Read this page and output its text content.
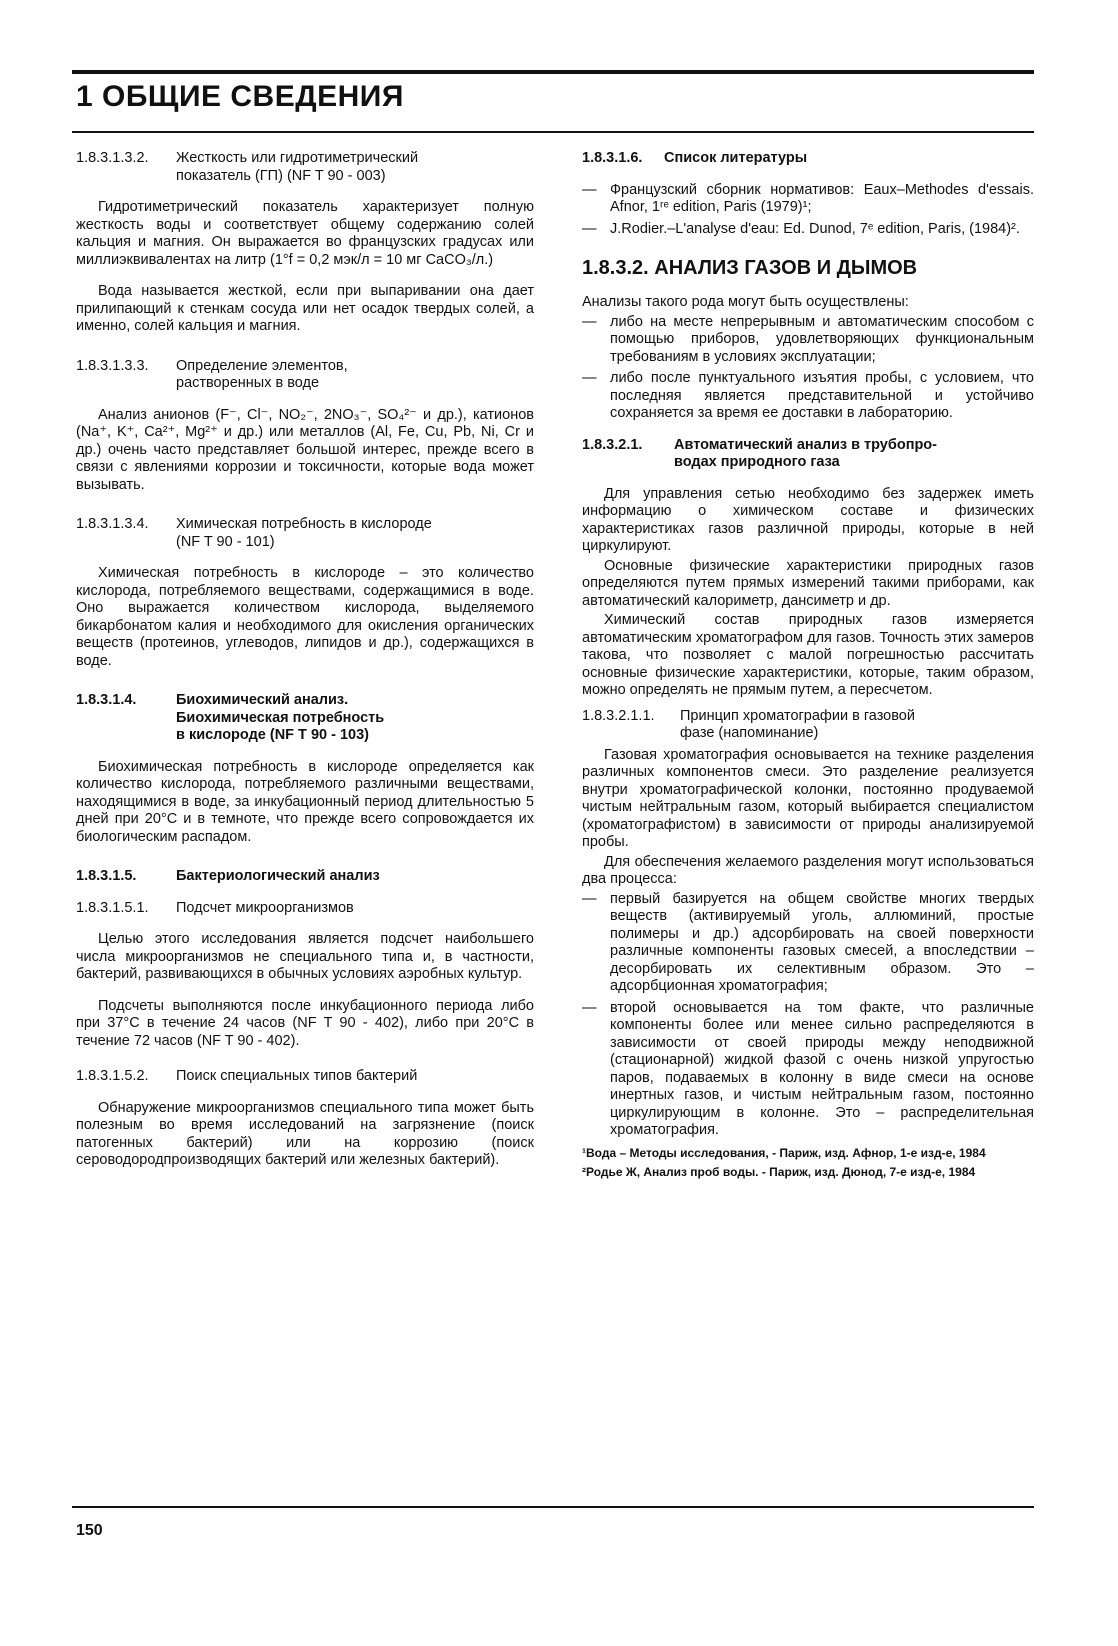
1 ОБЩИЕ СВЕДЕНИЯ
1.8.3.1.3.2. Жесткость или гидротиметрический
показатель (ГП) (NF T 90 - 003)

Гидротиметрический показатель характеризует полную жесткость воды и соответствует общему содержанию солей кальция и магния. Он выражается во французских градусах или миллиэквивалентах на литр (1°f = 0,2 мэк/л = 10 мг CaCO₃/л.)

Вода называется жесткой, если при выпаривании она дает прилипающий к стенкам сосуда или нет осадок твердых солей, а именно, солей кальция и магния.

1.8.3.1.3.3. Определение элементов,
растворенных в воде

Анализ анионов (F⁻, Cl⁻, NO₂⁻, 2NO₃⁻, SO₄²⁻ и др.), катионов (Na⁺, K⁺, Ca²⁺, Mg²⁺ и др.) или металлов (Al, Fe, Cu, Pb, Ni, Cr и др.) очень часто представляет большой интерес, прежде всего в связи с явлениями коррозии и токсичности, которые вода может вызывать.

1.8.3.1.3.4. Химическая потребность в кислороде
(NF T 90 - 101)

Химическая потребность в кислороде – это количество кислорода, потребляемого веществами, содержащимися в воде. Оно выражается количеством кислорода, выделяемого бикарбонатом калия и необходимого для окисления органических веществ (протеинов, углеводов, липидов и др.), содержащихся в воде.

1.8.3.1.4.	Биохимический анализ.
Биохимическая потребность
в кислороде (NF T 90 - 103)

Биохимическая потребность в кислороде определяется как количество кислорода, потребляемого различными веществами, находящимися в воде, за инкубационный период длительностью 5 дней при 20°С и в темноте, что прежде всего сопровождается их биологическим распадом.

1.8.3.1.5.	Бактериологический анализ
1.8.3.1.5.1. Подсчет микроорганизмов

Целью этого исследования является подсчет наибольшего числа микроорганизмов не специального типа и, в частности, бактерий, развивающихся в обычных условиях аэробных культур.

Подсчеты выполняются после инкубационного периода либо при 37°С в течение 24 часов (NF T 90 - 402), либо при 20°С в течение 72 часов (NF T 90 - 402).

1.8.3.1.5.2. Поиск специальных типов бактерий

Обнаружение микроорганизмов специального типа может быть полезным во время исследований на загрязнение (поиск патогенных бактерий) или на коррозию (поиск сероводородпроизводящих бактерий или железных бактерий).

1.8.3.1.6. Список литературы
— Французский сборник нормативов: Eaux–Methodes d'essais. Afnor, 1ʳᵉ edition, Paris (1979)¹;
— J.Rodier.–L'analyse d'eau: Ed. Dunod, 7ᵉ edition, Paris, (1984)².
1.8.3.2. АНАЛИЗ ГАЗОВ И ДЫМОВ

Анализы такого рода могут быть осуществлены:

— либо на месте непрерывным и автоматическим способом с помощью приборов, удовлетворяющих функциональным требованиям в условиях эксплуатации;
— либо после пунктуального изъятия пробы, с условием, что последняя является представительной и устойчиво сохраняется за время ее доставки в лабораторию.
1.8.3.2.1. Автоматический анализ в трубопро-
водах природного газа

Для управления сетью необходимо без задержек иметь информацию о химическом составе и физических характеристиках газов различной природы, которые в ней циркулируют.

Основные физические характеристики природных газов определяются путем прямых измерений такими приборами, как автоматический калориметр, дансиметр и др.

Химический состав природных газов измеряется автоматическим хроматографом для газов. Точность этих замеров такова, что позволяет с малой погрешностью рассчитать основные физические характеристики, которые, таким образом, можно определять не прямым путем, а пересчетом.

1.8.3.2.1.1. Принцип хроматографии в газовой
фазе (напоминание)

Газовая хроматография основывается на технике разделения различных компонентов смеси. Это разделение реализуется внутри хроматографической колонки, постоянно продуваемой чистым нейтральным газом, который выбирается специалистом (хроматографистом) в зависимости от природы анализируемой пробы.

Для обеспечения желаемого разделения могут использоваться два процесса:

— первый базируется на общем свойстве многих твердых веществ (активируемый уголь, аллюминий, простые полимеры и др.) адсорбировать на своей поверхности различные компоненты газовых смесей, а впоследствии – десорбировать их селективным образом. Это – адсорбционная хроматография;
— второй основывается на том факте, что различные компоненты более или менее сильно распределяются в зависимости от своей природы между неподвижной (стационарной) жидкой фазой с очень низкой упругостью паров, подаваемых в колонну в виде смеси на основе инертных газов, и чистым нейтральным газом, постоянно циркулирующим в колонне. Это – распределительная хроматография.
¹Вода – Методы исследования, - Париж, изд. Афнор, 1-е изд-е, 1984
²Родье Ж, Анализ проб воды. - Париж, изд. Дюнод, 7-е изд-е, 1984
150
